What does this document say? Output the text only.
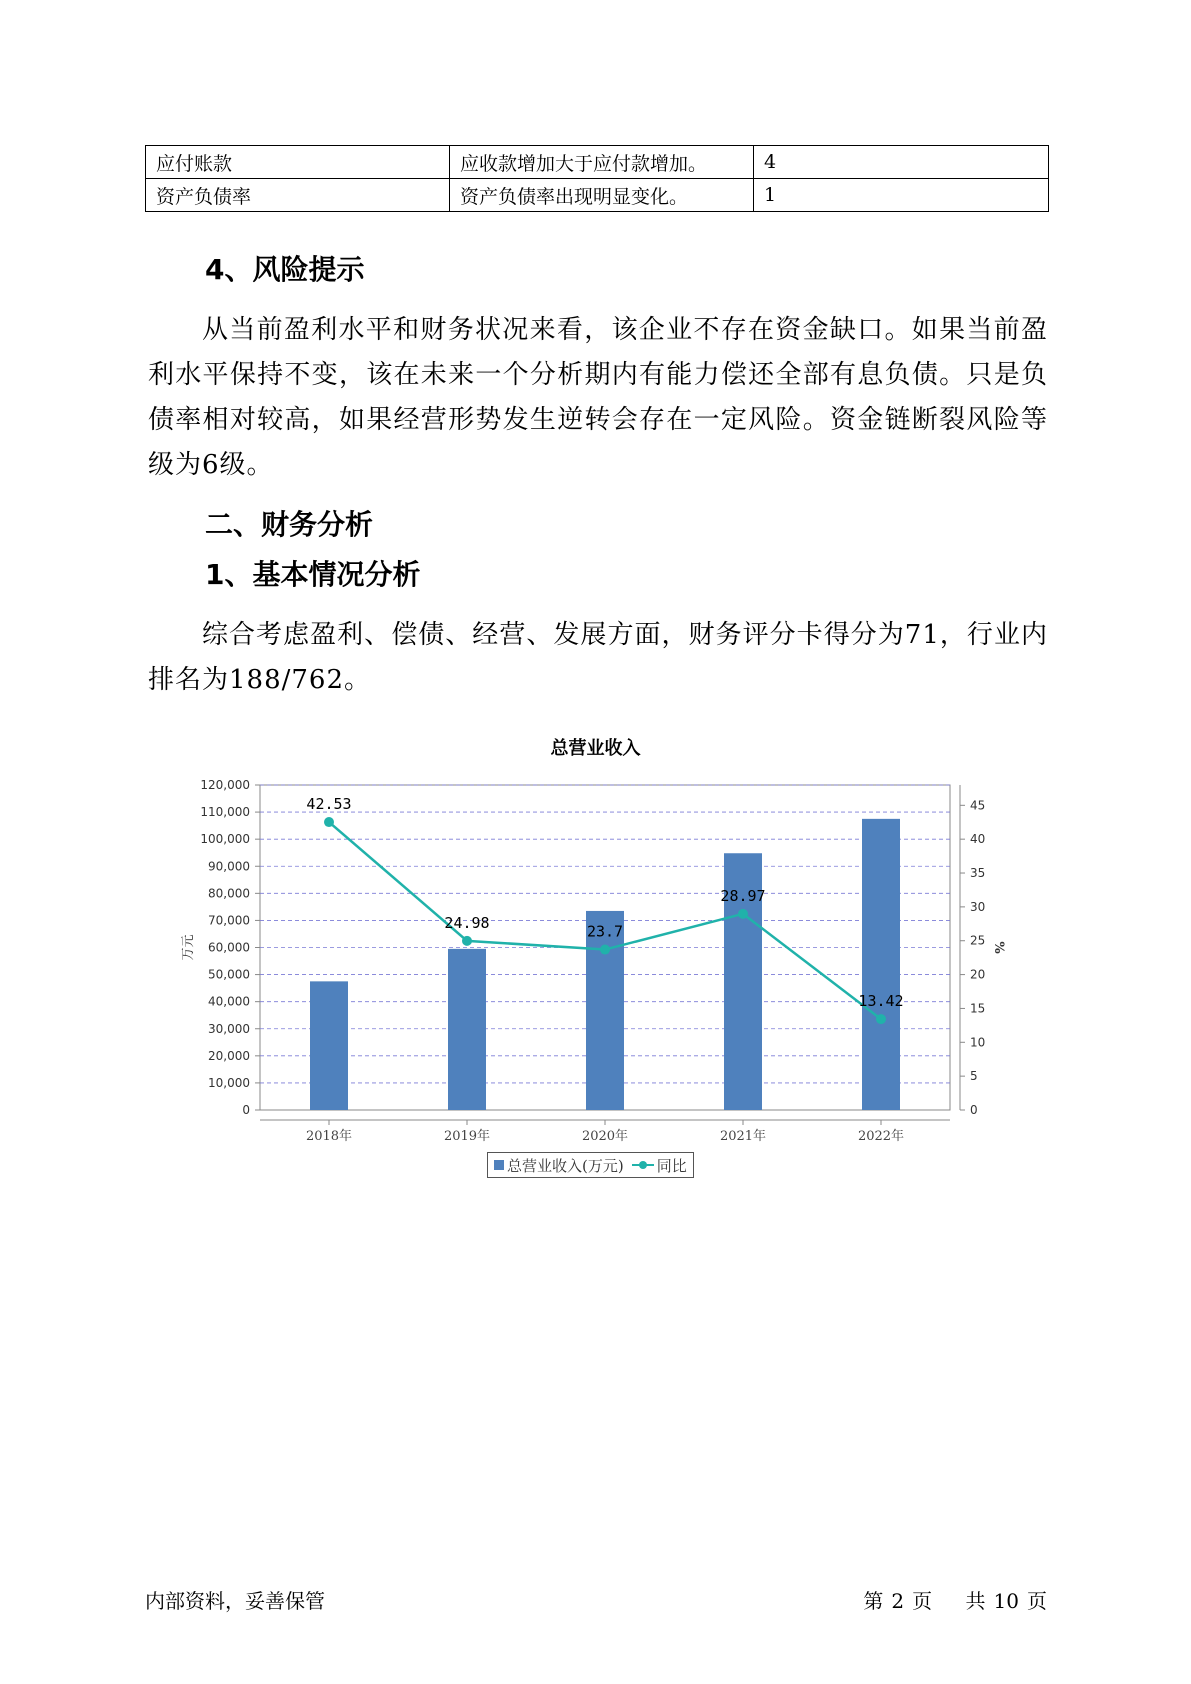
应付账款	应收款增加大于应付款增加。	4
资产负债率	资产负债率出现明显变化。	1
4、风险提示

从当前盈利水平和财务状况来看，该企业不存在资金缺口。如果当前盈利水平保持不变，该在未来一个分析期内有能力偿还全部有息负债。只是负债率相对较高，如果经营形势发生逆转会存在一定风险。资金链断裂风险等级为6级。

二、财务分析
1、基本情况分析

综合考虑盈利、偿债、经营、发展方面，财务评分卡得分为71，行业内排名为188/762。

总营业收入
0
10,000
20,000
30,000
40,000
50,000
60,000
70,000
80,000
90,000
100,000
110,000
120,000
0
5
10
15
20
25
30
35
40
45
万元	%
2018年	2019年	2020年	2021年	2022年
42.53
24.98	23.7
28.97
13.42
总营业收入(万元) 同比
内部资料，妥善保管	第 2 页 共 10 页
